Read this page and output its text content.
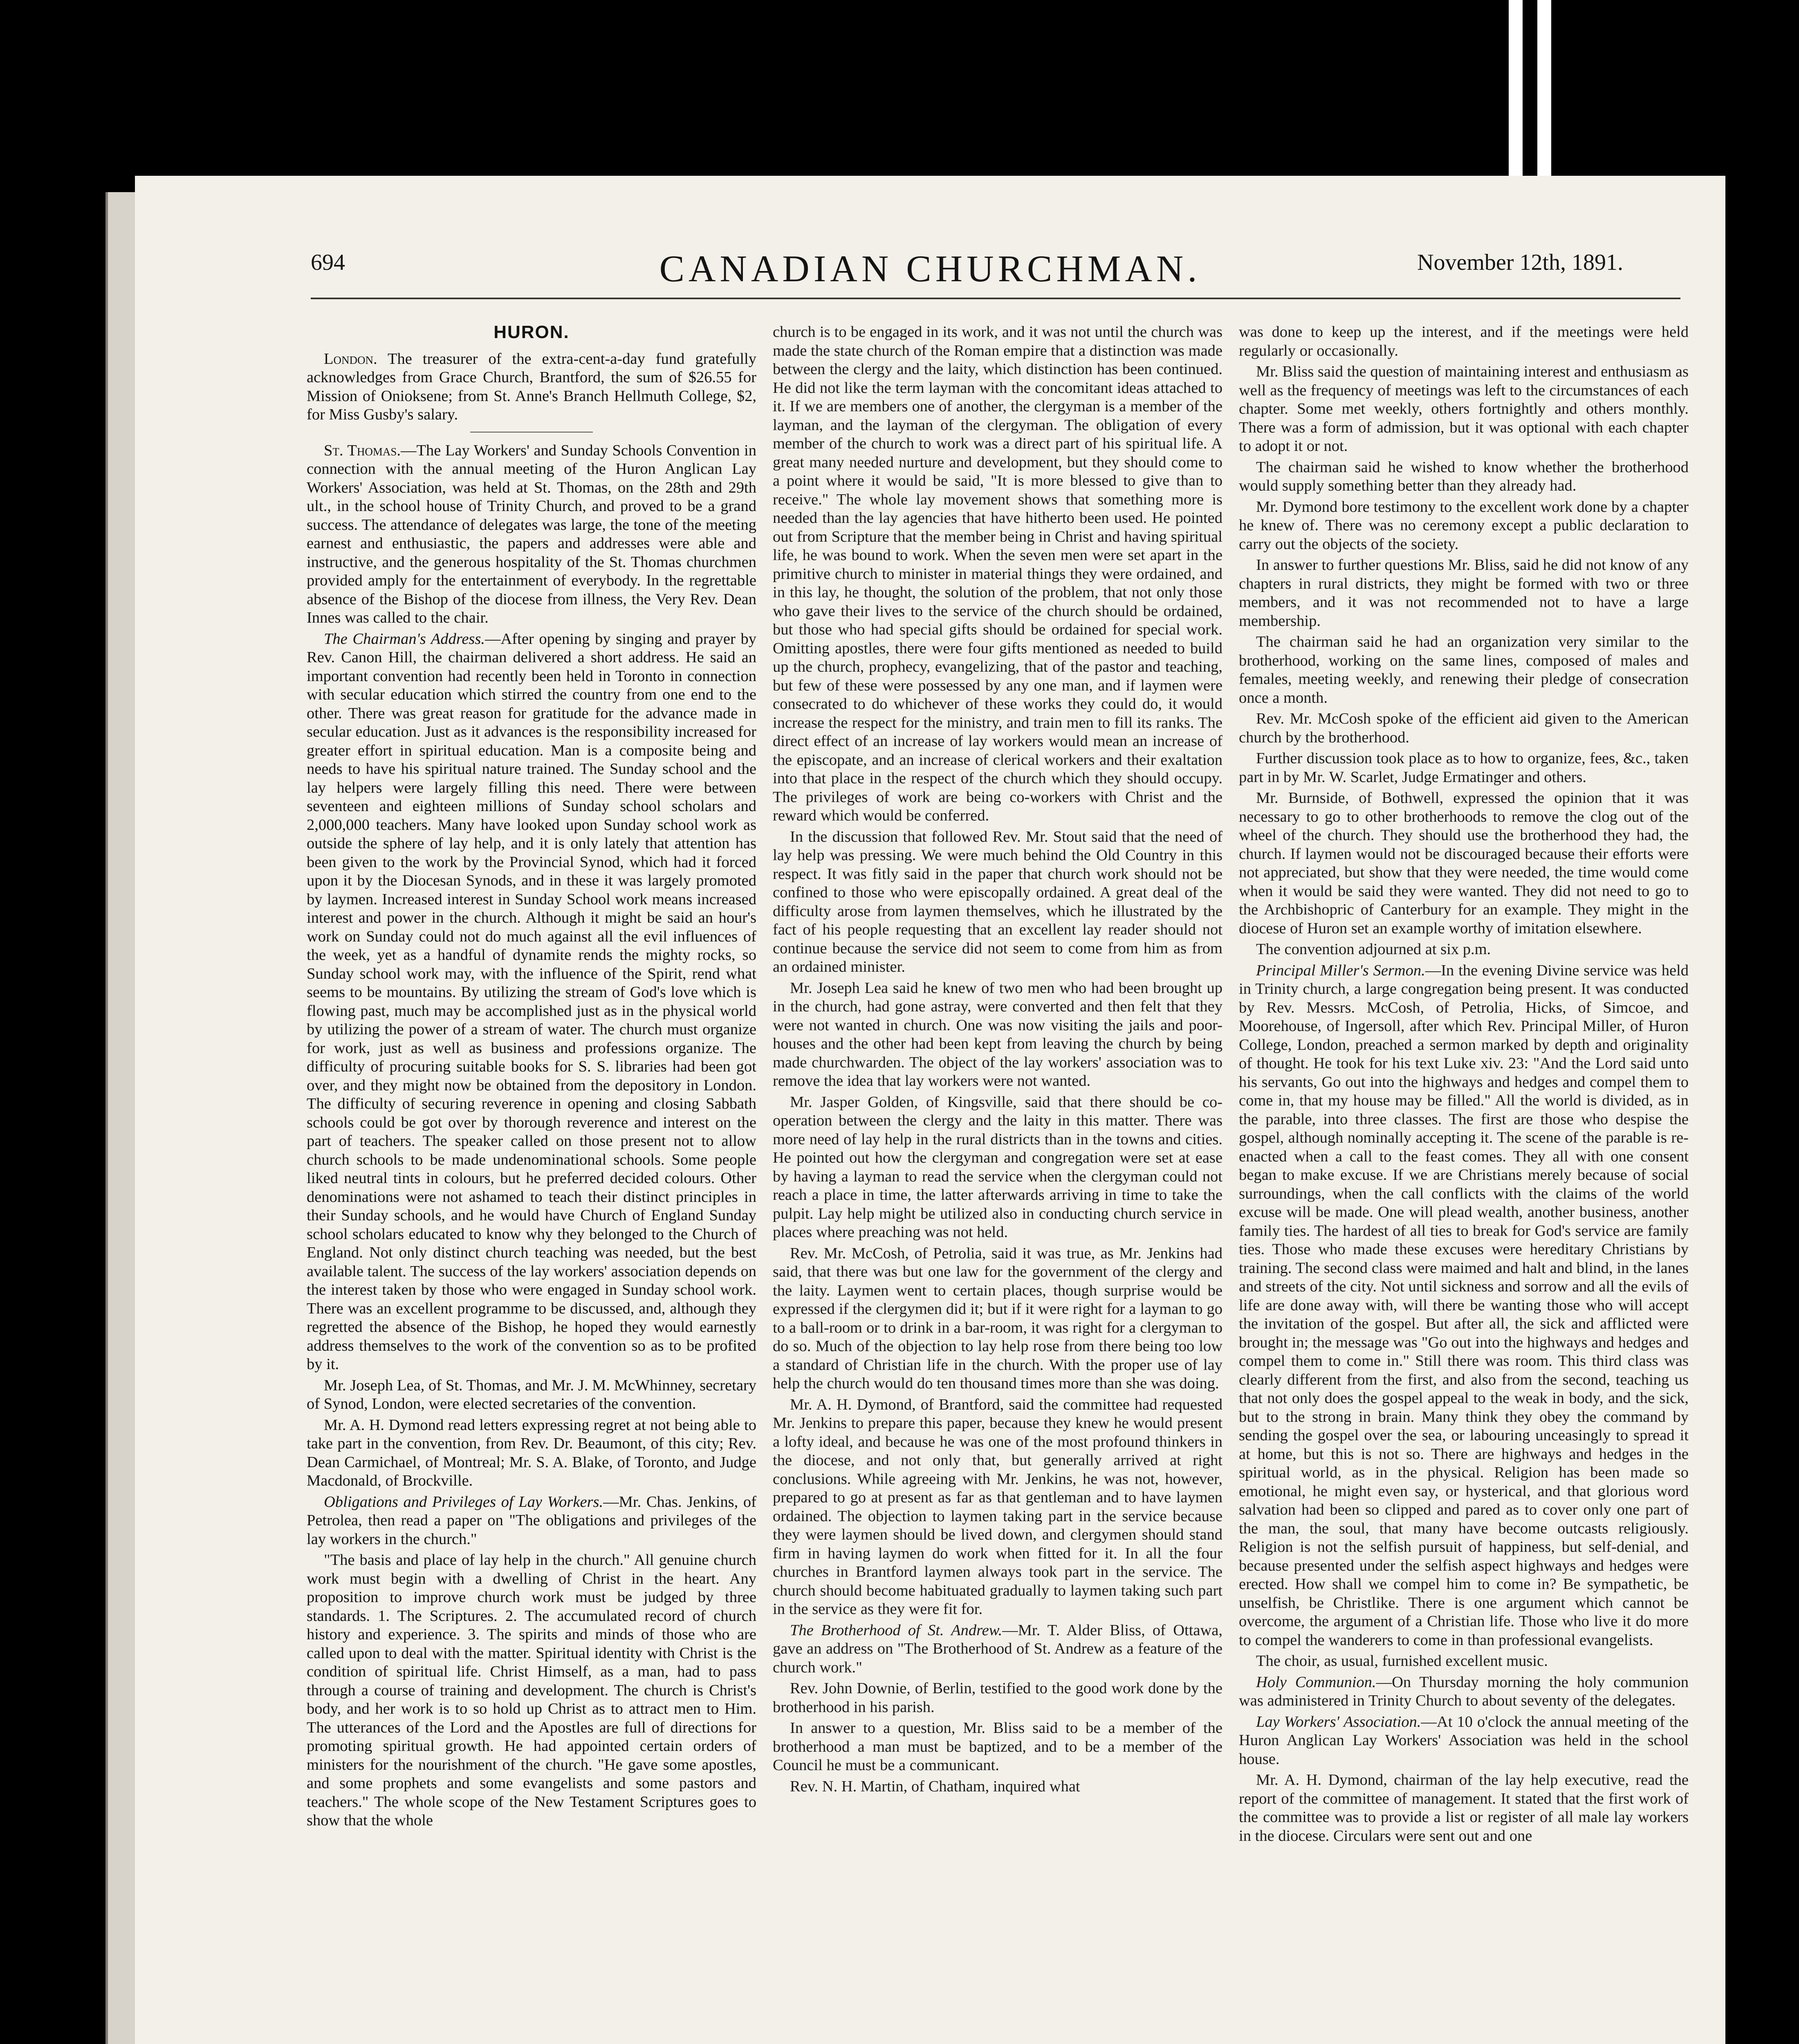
694	CANADIAN CHURCHMAN.	November 12th, 1891.
HURON.

London. The treasurer of the extra-cent-a-day fund gratefully acknowledges from Grace Church, Brantford, the sum of $26.55 for Mission of Onioksene; from St. Anne's Branch Hellmuth College, $2, for Miss Gusby's salary.

St. Thomas.—The Lay Workers' and Sunday Schools Convention in connection with the annual meeting of the Huron Anglican Lay Workers' Association, was held at St. Thomas, on the 28th and 29th ult., in the school house of Trinity Church, and proved to be a grand success. The attendance of delegates was large, the tone of the meeting earnest and enthusiastic, the papers and addresses were able and instructive, and the generous hospitality of the St. Thomas churchmen provided amply for the entertainment of everybody. In the regrettable absence of the Bishop of the diocese from illness, the Very Rev. Dean Innes was called to the chair.

The Chairman's Address.—After opening by singing and prayer by Rev. Canon Hill, the chairman delivered a short address. He said an important convention had recently been held in Toronto in connection with secular education which stirred the country from one end to the other. There was great reason for gratitude for the advance made in secular education. Just as it advances is the responsibility increased for greater effort in spiritual education. Man is a composite being and needs to have his spiritual nature trained. The Sunday school and the lay helpers were largely filling this need. There were between seventeen and eighteen millions of Sunday school scholars and 2,000,000 teachers. Many have looked upon Sunday school work as outside the sphere of lay help, and it is only lately that attention has been given to the work by the Provincial Synod, which had it forced upon it by the Diocesan Synods, and in these it was largely promoted by laymen. Increased interest in Sunday School work means increased interest and power in the church. Although it might be said an hour's work on Sunday could not do much against all the evil influences of the week, yet as a handful of dynamite rends the mighty rocks, so Sunday school work may, with the influence of the Spirit, rend what seems to be mountains. By utilizing the stream of God's love which is flowing past, much may be accomplished just as in the physical world by utilizing the power of a stream of water. The church must organize for work, just as well as business and professions organize. The difficulty of procuring suitable books for S. S. libraries had been got over, and they might now be obtained from the depository in London. The difficulty of securing reverence in opening and closing Sabbath schools could be got over by thorough reverence and interest on the part of teachers. The speaker called on those present not to allow church schools to be made undenominational schools. Some people liked neutral tints in colours, but he preferred decided colours. Other denominations were not ashamed to teach their distinct principles in their Sunday schools, and he would have Church of England Sunday school scholars educated to know why they belonged to the Church of England. Not only distinct church teaching was needed, but the best available talent. The success of the lay workers' association depends on the interest taken by those who were engaged in Sunday school work. There was an excellent programme to be discussed, and, although they regretted the absence of the Bishop, he hoped they would earnestly address themselves to the work of the convention so as to be profited by it.

Mr. Joseph Lea, of St. Thomas, and Mr. J. M. McWhinney, secretary of Synod, London, were elected secretaries of the convention.

Mr. A. H. Dymond read letters expressing regret at not being able to take part in the convention, from Rev. Dr. Beaumont, of this city; Rev. Dean Carmichael, of Montreal; Mr. S. A. Blake, of Toronto, and Judge Macdonald, of Brockville.

Obligations and Privileges of Lay Workers.—Mr. Chas. Jenkins, of Petrolea, then read a paper on "The obligations and privileges of the lay workers in the church."

"The basis and place of lay help in the church." All genuine church work must begin with a dwelling of Christ in the heart. Any proposition to improve church work must be judged by three standards. 1. The Scriptures. 2. The accumulated record of church history and experience. 3. The spirits and minds of those who are called upon to deal with the matter. Spiritual identity with Christ is the condition of spiritual life. Christ Himself, as a man, had to pass through a course of training and development. The church is Christ's body, and her work is to so hold up Christ as to attract men to Him. The utterances of the Lord and the Apostles are full of directions for promoting spiritual growth. He had appointed certain orders of ministers for the nourishment of the church. "He gave some apostles, and some prophets and some evangelists and some pastors and teachers." The whole scope of the New Testament Scriptures goes to show that the whole

church is to be engaged in its work, and it was not until the church was made the state church of the Roman empire that a distinction was made between the clergy and the laity, which distinction has been continued. He did not like the term layman with the concomitant ideas attached to it. If we are members one of another, the clergyman is a member of the layman, and the layman of the clergyman. The obligation of every member of the church to work was a direct part of his spiritual life. A great many needed nurture and development, but they should come to a point where it would be said, "It is more blessed to give than to receive." The whole lay movement shows that something more is needed than the lay agencies that have hitherto been used. He pointed out from Scripture that the member being in Christ and having spiritual life, he was bound to work. When the seven men were set apart in the primitive church to minister in material things they were ordained, and in this lay, he thought, the solution of the problem, that not only those who gave their lives to the service of the church should be ordained, but those who had special gifts should be ordained for special work. Omitting apostles, there were four gifts mentioned as needed to build up the church, prophecy, evangelizing, that of the pastor and teaching, but few of these were possessed by any one man, and if laymen were consecrated to do whichever of these works they could do, it would increase the respect for the ministry, and train men to fill its ranks. The direct effect of an increase of lay workers would mean an increase of the episcopate, and an increase of clerical workers and their exaltation into that place in the respect of the church which they should occupy. The privileges of work are being co-workers with Christ and the reward which would be conferred.

In the discussion that followed Rev. Mr. Stout said that the need of lay help was pressing. We were much behind the Old Country in this respect. It was fitly said in the paper that church work should not be confined to those who were episcopally ordained. A great deal of the difficulty arose from laymen themselves, which he illustrated by the fact of his people requesting that an excellent lay reader should not continue because the service did not seem to come from him as from an ordained minister.

Mr. Joseph Lea said he knew of two men who had been brought up in the church, had gone astray, were converted and then felt that they were not wanted in church. One was now visiting the jails and poor-houses and the other had been kept from leaving the church by being made churchwarden. The object of the lay workers' association was to remove the idea that lay workers were not wanted.

Mr. Jasper Golden, of Kingsville, said that there should be co-operation between the clergy and the laity in this matter. There was more need of lay help in the rural districts than in the towns and cities. He pointed out how the clergyman and congregation were set at ease by having a layman to read the service when the clergyman could not reach a place in time, the latter afterwards arriving in time to take the pulpit. Lay help might be utilized also in conducting church service in places where preaching was not held.

Rev. Mr. McCosh, of Petrolia, said it was true, as Mr. Jenkins had said, that there was but one law for the government of the clergy and the laity. Laymen went to certain places, though surprise would be expressed if the clergymen did it; but if it were right for a layman to go to a ball-room or to drink in a bar-room, it was right for a clergyman to do so. Much of the objection to lay help rose from there being too low a standard of Christian life in the church. With the proper use of lay help the church would do ten thousand times more than she was doing.

Mr. A. H. Dymond, of Brantford, said the committee had requested Mr. Jenkins to prepare this paper, because they knew he would present a lofty ideal, and because he was one of the most profound thinkers in the diocese, and not only that, but generally arrived at right conclusions. While agreeing with Mr. Jenkins, he was not, however, prepared to go at present as far as that gentleman and to have laymen ordained. The objection to laymen taking part in the service because they were laymen should be lived down, and clergymen should stand firm in having laymen do work when fitted for it. In all the four churches in Brantford laymen always took part in the service. The church should become habituated gradually to laymen taking such part in the service as they were fit for.

The Brotherhood of St. Andrew.—Mr. T. Alder Bliss, of Ottawa, gave an address on "The Brotherhood of St. Andrew as a feature of the church work."

Rev. John Downie, of Berlin, testified to the good work done by the brotherhood in his parish.

In answer to a question, Mr. Bliss said to be a member of the brotherhood a man must be baptized, and to be a member of the Council he must be a communicant.

Rev. N. H. Martin, of Chatham, inquired what

was done to keep up the interest, and if the meetings were held regularly or occasionally.

Mr. Bliss said the question of maintaining interest and enthusiasm as well as the frequency of meetings was left to the circumstances of each chapter. Some met weekly, others fortnightly and others monthly. There was a form of admission, but it was optional with each chapter to adopt it or not.

The chairman said he wished to know whether the brotherhood would supply something better than they already had.

Mr. Dymond bore testimony to the excellent work done by a chapter he knew of. There was no ceremony except a public declaration to carry out the objects of the society.

In answer to further questions Mr. Bliss, said he did not know of any chapters in rural districts, they might be formed with two or three members, and it was not recommended not to have a large membership.

The chairman said he had an organization very similar to the brotherhood, working on the same lines, composed of males and females, meeting weekly, and renewing their pledge of consecration once a month.

Rev. Mr. McCosh spoke of the efficient aid given to the American church by the brotherhood.

Further discussion took place as to how to organize, fees, &c., taken part in by Mr. W. Scarlet, Judge Ermatinger and others.

Mr. Burnside, of Bothwell, expressed the opinion that it was necessary to go to other brotherhoods to remove the clog out of the wheel of the church. They should use the brotherhood they had, the church. If laymen would not be discouraged because their efforts were not appreciated, but show that they were needed, the time would come when it would be said they were wanted. They did not need to go to the Archbishopric of Canterbury for an example. They might in the diocese of Huron set an example worthy of imitation elsewhere.

The convention adjourned at six p.m.

Principal Miller's Sermon.—In the evening Divine service was held in Trinity church, a large congregation being present. It was conducted by Rev. Messrs. McCosh, of Petrolia, Hicks, of Simcoe, and Moorehouse, of Ingersoll, after which Rev. Principal Miller, of Huron College, London, preached a sermon marked by depth and originality of thought. He took for his text Luke xiv. 23: "And the Lord said unto his servants, Go out into the highways and hedges and compel them to come in, that my house may be filled." All the world is divided, as in the parable, into three classes. The first are those who despise the gospel, although nominally accepting it. The scene of the parable is re-enacted when a call to the feast comes. They all with one consent began to make excuse. If we are Christians merely because of social surroundings, when the call conflicts with the claims of the world excuse will be made. One will plead wealth, another business, another family ties. The hardest of all ties to break for God's service are family ties. Those who made these excuses were hereditary Christians by training. The second class were maimed and halt and blind, in the lanes and streets of the city. Not until sickness and sorrow and all the evils of life are done away with, will there be wanting those who will accept the invitation of the gospel. But after all, the sick and afflicted were brought in; the message was "Go out into the highways and hedges and compel them to come in." Still there was room. This third class was clearly different from the first, and also from the second, teaching us that not only does the gospel appeal to the weak in body, and the sick, but to the strong in brain. Many think they obey the command by sending the gospel over the sea, or labouring unceasingly to spread it at home, but this is not so. There are highways and hedges in the spiritual world, as in the physical. Religion has been made so emotional, he might even say, or hysterical, and that glorious word salvation had been so clipped and pared as to cover only one part of the man, the soul, that many have become outcasts religiously. Religion is not the selfish pursuit of happiness, but self-denial, and because presented under the selfish aspect highways and hedges were erected. How shall we compel him to come in? Be sympathetic, be unselfish, be Christlike. There is one argument which cannot be overcome, the argument of a Christian life. Those who live it do more to compel the wanderers to come in than professional evangelists.

The choir, as usual, furnished excellent music.

Holy Communion.—On Thursday morning the holy communion was administered in Trinity Church to about seventy of the delegates.

Lay Workers' Association.—At 10 o'clock the annual meeting of the Huron Anglican Lay Workers' Association was held in the school house.

Mr. A. H. Dymond, chairman of the lay help executive, read the report of the committee of management. It stated that the first work of the committee was to provide a list or register of all male lay workers in the diocese. Circulars were sent out and one
